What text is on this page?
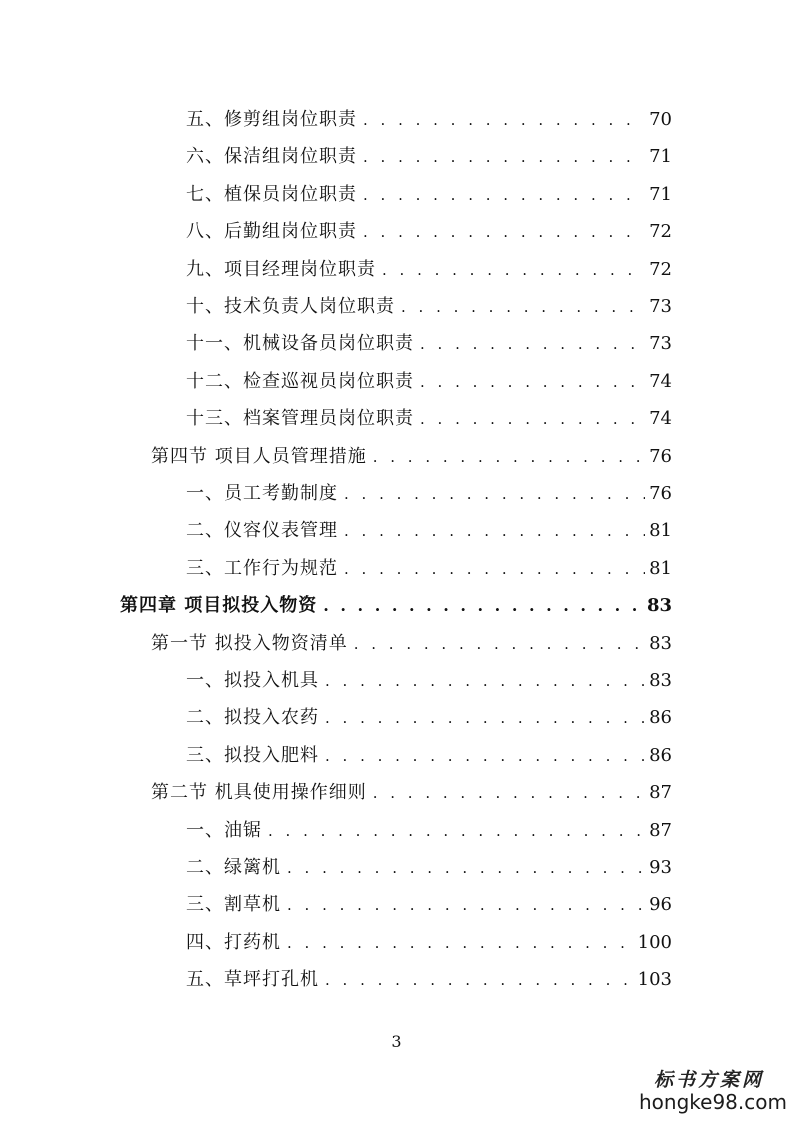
五、修剪组岗位职责 . . .	70
六、保洁组岗位职责 . . .	71
七、植保员岗位职责 . . .	71
八、后勤组岗位职责 . . .	72
九、项目经理岗位职责 . . .	72
十、技术负责人岗位职责 . . .	73
十一、机械设备员岗位职责 . . .	73
十二、检查巡视员岗位职责 . . .	74
十三、档案管理员岗位职责 . . .	74
第四节 项目人员管理措施 . . .	76
一、员工考勤制度 . . .	76
二、仪容仪表管理 . . .	81
三、工作行为规范 . . .	81
第四章 项目拟投入物资 . . .	83
第一节 拟投入物资清单 . . .	83
一、拟投入机具 . . .	83
二、拟投入农药 . . .	86
三、拟投入肥料 . . .	86
第二节 机具使用操作细则 . . .	87
一、油锯 . . .	87
二、绿篱机 . . .	93
三、割草机 . . .	96
四、打药机 . . .	100
五、草坪打孔机 . . .	103
3
标书方案网
hongke98.com
